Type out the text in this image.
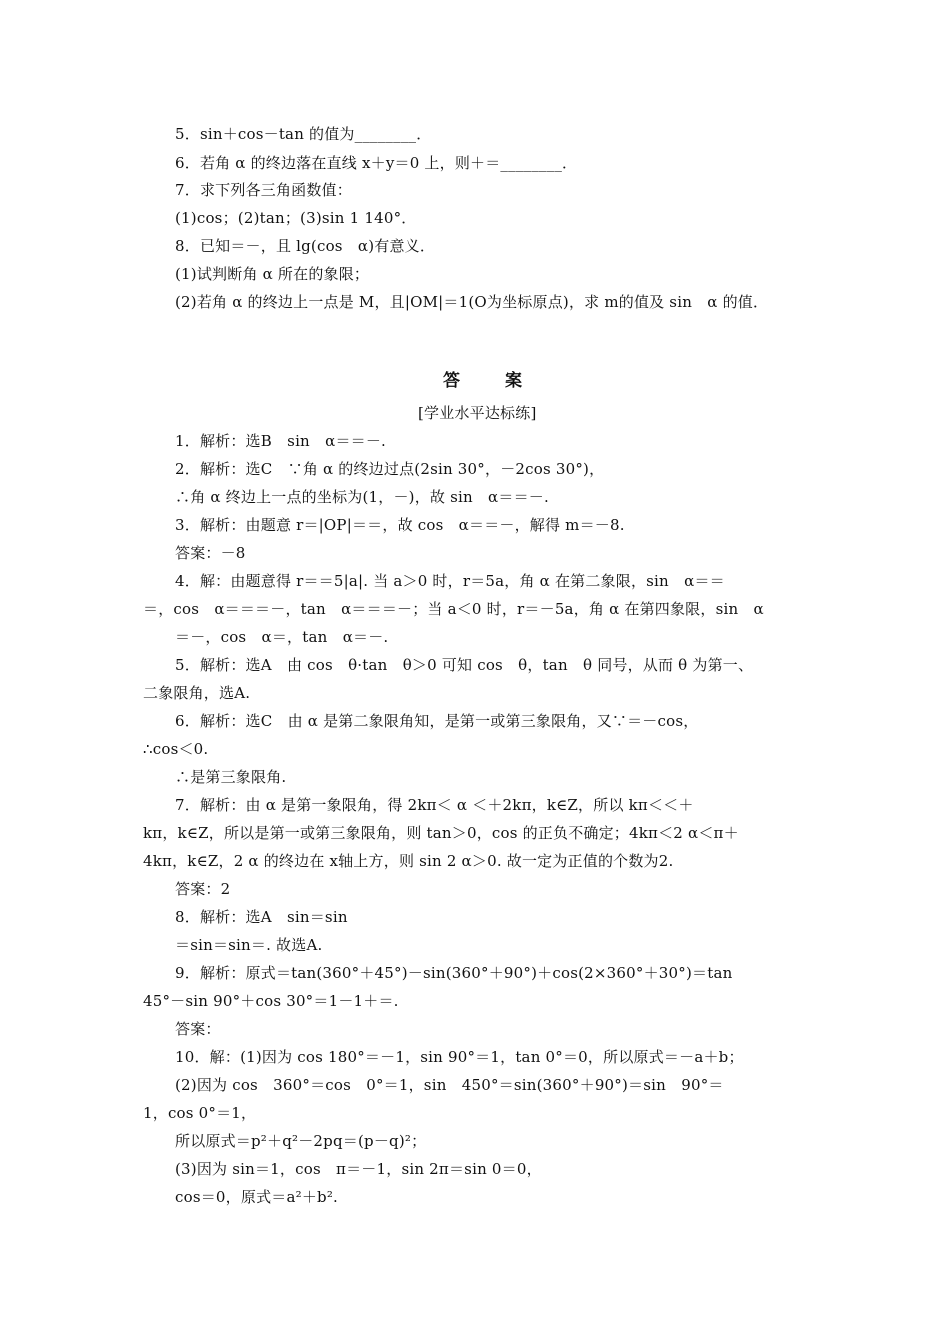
5．sin＋cos－tan 的值为________．
6．若角 α 的终边落在直线 x＋y＝0 上，则＋＝________．
7．求下列各三角函数值：
(1)cos；(2)tan；(3)sin 1 140°．
8．已知＝－，且 lg(cos　α)有意义．
(1)试判断角 α 所在的象限；
(2)若角 α 的终边上一点是 M，且|OM|＝1(O为坐标原点)，求 m的值及 sin　α 的值．
答　案
[学业水平达标练]
1．解析：选B　sin　α＝＝－.
2．解析：选C　∵角 α 的终边过点(2sin 30°，－2cos 30°)，
∴角 α 终边上一点的坐标为(1，－)，故 sin　α＝＝－.
3．解析：由题意 r＝|OP|＝＝，故 cos　α＝＝－，解得 m＝－8.
答案：－8
4．解：由题意得 r＝＝5|a|. 当 a＞0 时，r＝5a，角 α 在第二象限，sin　α＝＝
＝，cos　α＝＝＝－，tan　α＝＝＝－；当 a＜0 时，r＝－5a，角 α 在第四象限，sin　α
＝－，cos　α＝，tan　α＝－.
5．解析：选A　由 cos　θ·tan　θ＞0 可知 cos　θ，tan　θ 同号，从而 θ 为第一、
二象限角，选A.
6．解析：选C　由 α 是第二象限角知，是第一或第三象限角，又∵＝－cos，
∴cos＜0.
∴是第三象限角.
7．解析：由 α 是第一象限角，得 2kπ＜ α ＜＋2kπ，k∈Z，所以 kπ＜＜＋
kπ，k∈Z，所以是第一或第三象限角，则 tan＞0，cos 的正负不确定；4kπ＜2 α＜π＋
4kπ，k∈Z，2 α 的终边在 x轴上方，则 sin 2 α＞0. 故一定为正值的个数为2.
答案：2
8．解析：选A　sin＝sin
＝sin＝sin＝. 故选A.
9．解析：原式＝tan(360°＋45°)－sin(360°＋90°)＋cos(2×360°＋30°)＝tan
45°－sin 90°＋cos 30°＝1－1＋＝.
答案：
10．解：(1)因为 cos 180°＝－1，sin 90°＝1，tan 0°＝0，所以原式＝－a＋b；
(2)因为 cos　360°＝cos　0°＝1，sin　450°＝sin(360°＋90°)＝sin　90°＝
1，cos 0°＝1，
所以原式＝p²＋q²－2pq＝(p－q)²；
(3)因为 sin＝1，cos　π＝－1，sin 2π＝sin 0＝0，
cos＝0，原式＝a²＋b².
